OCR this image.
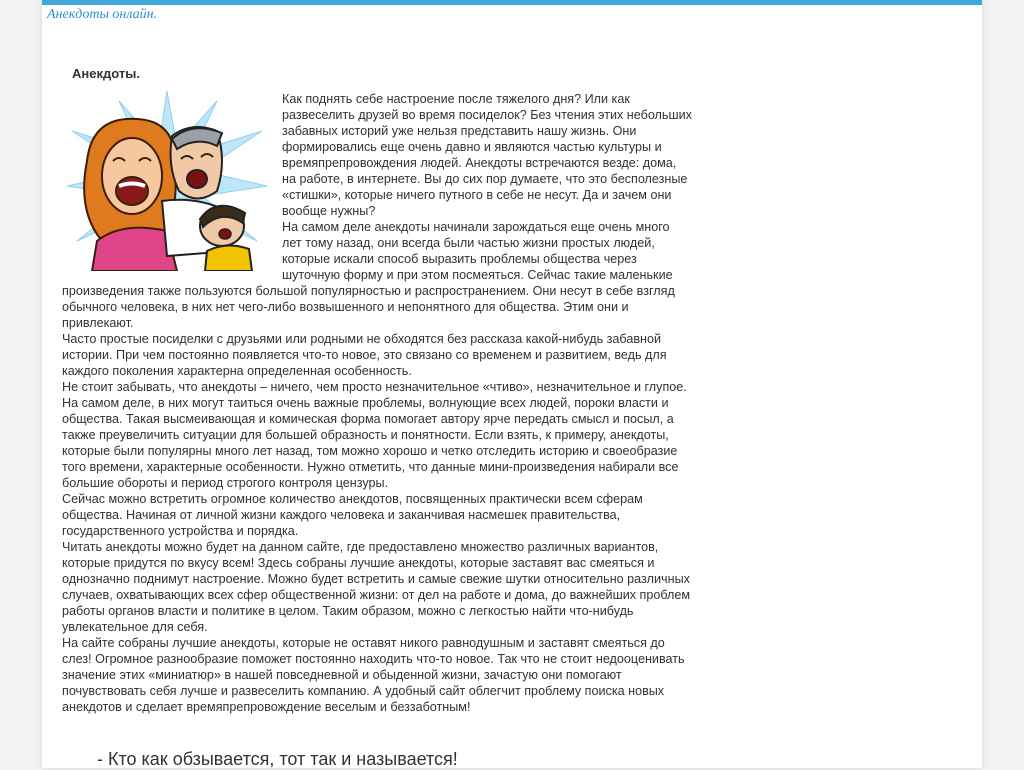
Анекдоты онлайн.
Анекдоты.

Как поднять себе настроение после тяжелого дня? Или как развеселить друзей во время посиделок? Без чтения этих небольших забавных историй уже нельзя представить нашу жизнь. Они формировались еще очень давно и являются частью культуры и времяпрепровождения людей. Анекдоты встречаются везде: дома, на работе, в интернете. Вы до сих пор думаете, что это бесполезные «стишки», которые ничего путного в себе не несут. Да и зачем они вообще нужны?

На самом деле анекдоты начинали зарождаться еще очень много лет тому назад, они всегда были частью жизни простых людей, которые искали способ выразить проблемы общества через шуточную форму и при этом посмеяться. Сейчас такие маленькие произведения также пользуются большой популярностью и распространением. Они несут в себе взгляд обычного человека, в них нет чего-либо возвышенного и непонятного для общества. Этим они и привлекают.

Часто простые посиделки с друзьями или родными не обходятся без рассказа какой-нибудь забавной истории. При чем постоянно появляется что-то новое, это связано со временем и развитием, ведь для каждого поколения характерна определенная особенность.

Не стоит забывать, что анекдоты – ничего, чем просто незначительное «чтиво», незначительное и глупое. На самом деле, в них могут таиться очень важные проблемы, волнующие всех людей, пороки власти и общества. Такая высмеивающая и комическая форма помогает автору ярче передать смысл и посыл, а также преувеличить ситуации для большей образность и понятности. Если взять, к примеру, анекдоты, которые были популярны много лет назад, том можно хорошо и четко отследить историю и своеобразие того времени, характерные особенности. Нужно отметить, что данные мини-произведения набирали все большие обороты и период строгого контроля цензуры.

Сейчас можно встретить огромное количество анекдотов, посвященных практически всем сферам общества. Начиная от личной жизни каждого человека и заканчивая насмешек правительства, государственного устройства и порядка.

Читать анекдоты можно будет на данном сайте, где предоставлено множество различных вариантов, которые придутся по вкусу всем! Здесь собраны лучшие анекдоты, которые заставят вас смеяться и однозначно поднимут настроение. Можно будет встретить и самые свежие шутки относительно различных случаев, охватывающих всех сфер общественной жизни: от дел на работе и дома, до важнейших проблем работы органов власти и политике в целом. Таким образом, можно с легкостью найти что-нибудь увлекательное для себя.

На сайте собраны лучшие анекдоты, которые не оставят никого равнодушным и заставят смеяться до слез! Огромное разнообразие поможет постоянно находить что-то новое. Так что не стоит недооценивать значение этих «миниатюр» в нашей повседневной и обыденной жизни, зачастую они помогают почувствовать себя лучше и развеселить компанию. А удобный сайт облегчит проблему поиска новых анекдотов и сделает времяпрепровождение веселым и беззаботным!

- Кто как обзывается, тот так и называется!
